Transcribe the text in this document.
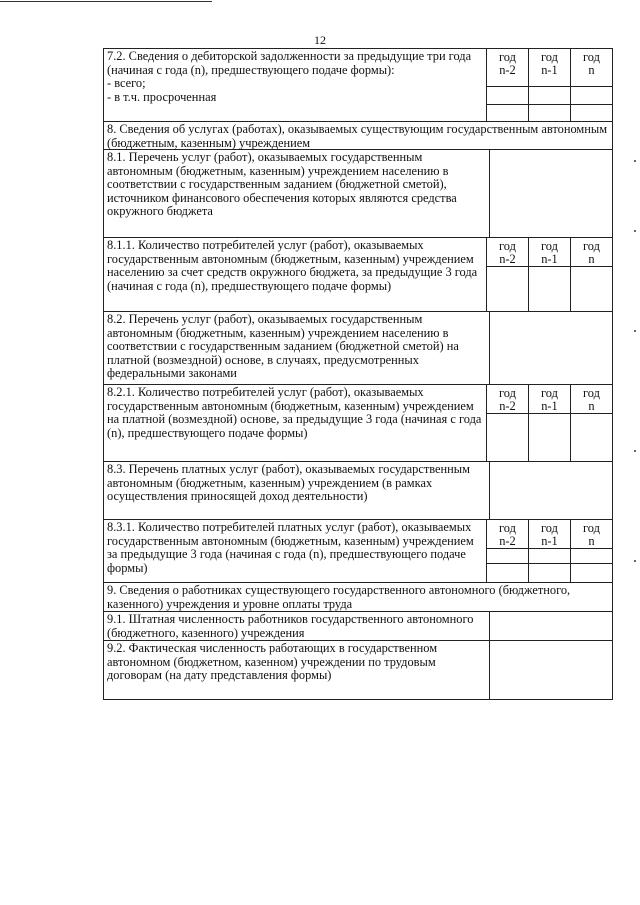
12
7.2. Сведения о дебиторской задолженности за предыдущие три года (начиная с года (n), предшествующего подаче формы):
- всего;
- в т.ч. просроченная
год
n-2
год
n-1
год
n
8. Сведения об услугах (работах), оказываемых существующим государственным автономным (бюджетным, казенным) учреждением
8.1. Перечень услуг (работ), оказываемых государственным автономным (бюджетным, казенным) учреждением населению в соответствии с государственным заданием (бюджетной сметой), источником финансового обеспечения которых являются средства окружного бюджета
8.1.1. Количество потребителей услуг (работ), оказываемых государственным автономным (бюджетным, казенным) учреждением населению за счет средств окружного бюджета, за предыдущие 3 года (начиная с года (n), предшествующего подаче формы)
год
n-2
год
n-1
год
n
8.2. Перечень услуг (работ), оказываемых государственным автономным (бюджетным, казенным) учреждением населению в соответствии с государственным заданием (бюджетной сметой) на платной (возмездной) основе, в случаях, предусмотренных федеральными законами
8.2.1. Количество потребителей услуг (работ), оказываемых государственным автономным (бюджетным, казенным) учреждением на платной (возмездной) основе, за предыдущие 3 года (начиная с года (n), предшествующего подаче формы)
год
n-2
год
n-1
год
n
8.3. Перечень платных услуг (работ), оказываемых государственным автономным (бюджетным, казенным) учреждением (в рамках осуществления приносящей доход деятельности)
8.3.1. Количество потребителей платных услуг (работ), оказываемых государственным автономным (бюджетным, казенным) учреждением за предыдущие 3 года (начиная с года (n), предшествующего подаче формы)
год
n-2
год
n-1
год
n
9. Сведения о работниках существующего государственного автономного (бюджетного, казенного) учреждения и уровне оплаты труда
9.1. Штатная численность работников государственного автономного (бюджетного, казенного) учреждения
9.2. Фактическая численность работающих в государственном автономном (бюджетном, казенном) учреждении по трудовым договорам (на дату представления формы)
